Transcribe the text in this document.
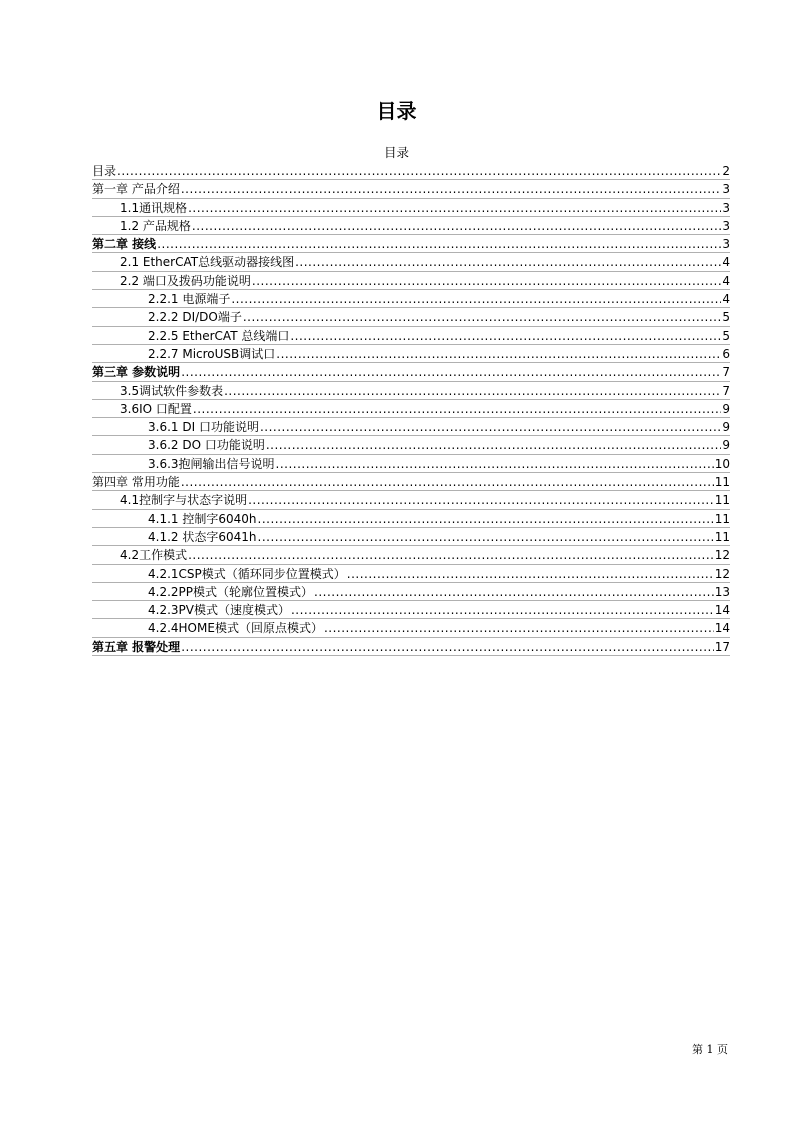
目录
目录
目录 .....	2
第一章 产品介绍 .....	3
1.1通讯规格 .....	3
1.2 产品规格 .....	3
第二章 接线 .....	3
2.1 EtherCAT总线驱动器接线图 .....	4
2.2 端口及拨码功能说明 .....	4
2.2.1 电源端子 .....	4
2.2.2 DI/DO端子 .....	5
2.2.5 EtherCAT 总线端口 .....	5
2.2.7 MicroUSB调试口 .....	6
第三章 参数说明 .....	7
3.5调试软件参数表 .....	7
3.6IO 口配置 .....	9
3.6.1 DI 口功能说明 .....	9
3.6.2 DO 口功能说明 .....	9
3.6.3抱闸输出信号说明 .....	10
第四章 常用功能 .....	11
4.1控制字与状态字说明 .....	11
4.1.1 控制字6040h .....	11
4.1.2 状态字6041h .....	11
4.2工作模式 .....	12
4.2.1CSP模式（循环同步位置模式） .....	12
4.2.2PP模式（轮廓位置模式） .....	13
4.2.3PV模式（速度模式） .....	14
4.2.4HOME模式（回原点模式） .....	14
第五章 报警处理 .....	17
第 1 页
